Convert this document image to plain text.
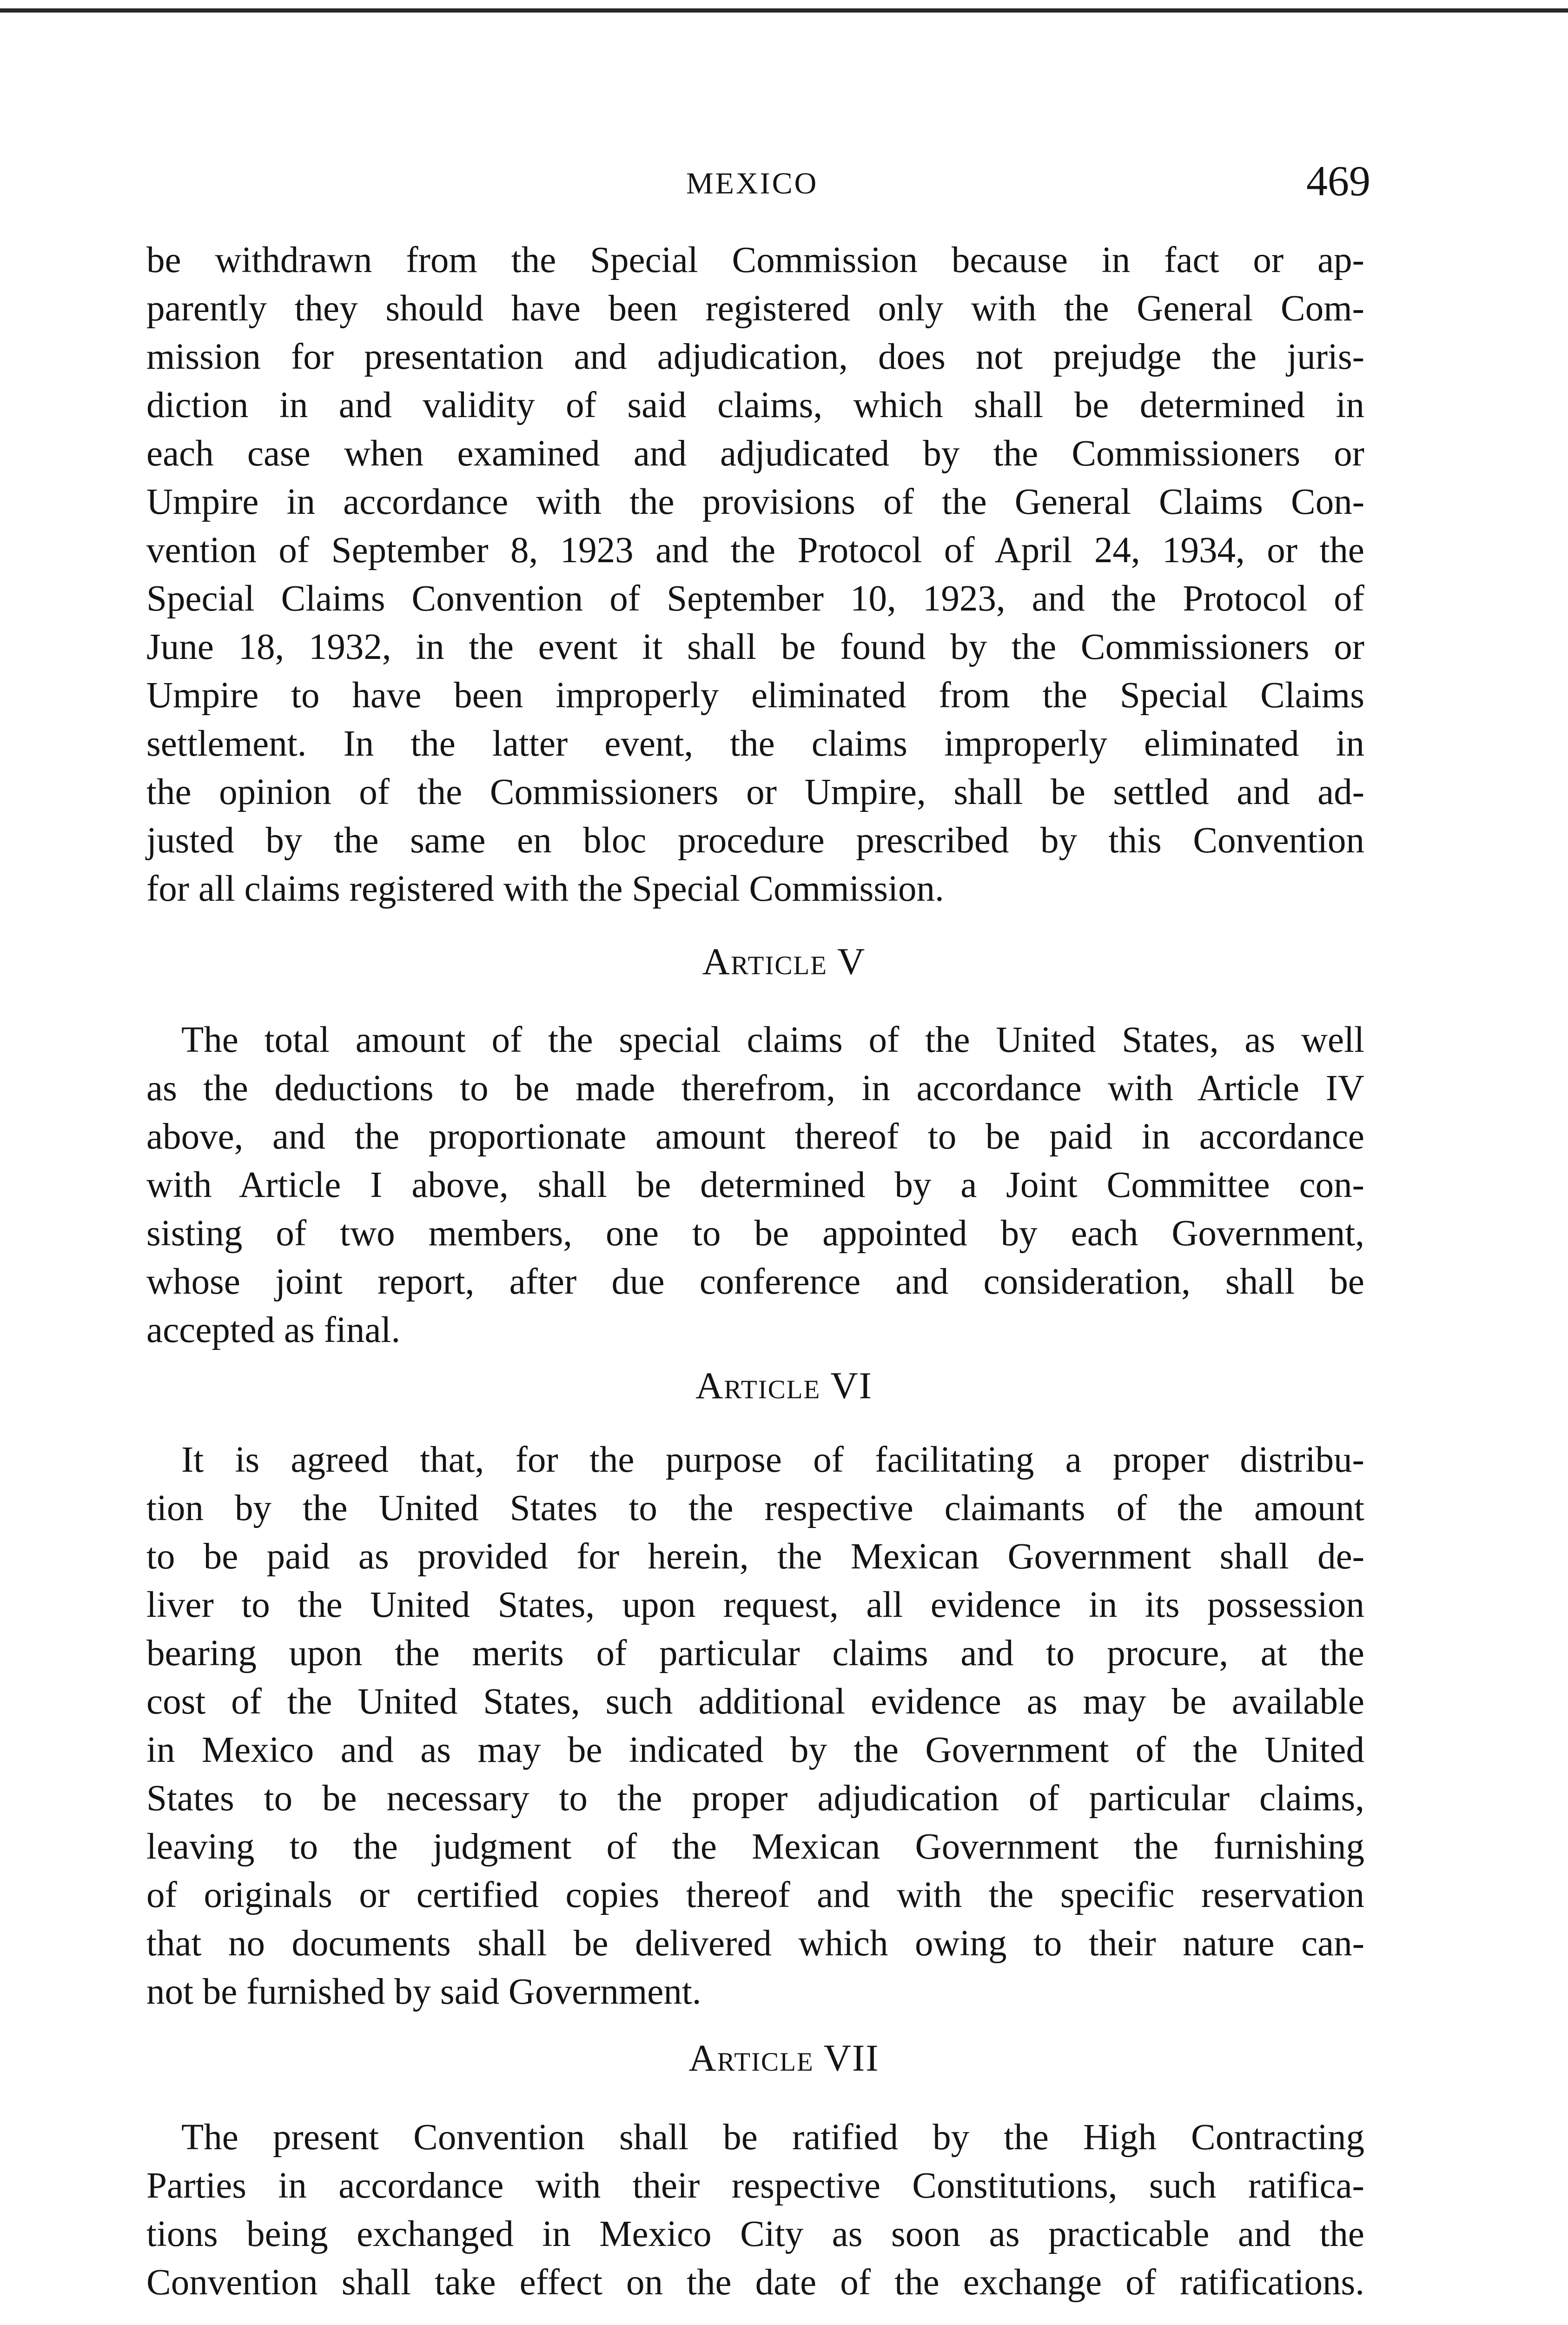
MEXICO	469
be withdrawn from the Special Commission because in fact or ap-
parently they should have been registered only with the General Com-
mission for presentation and adjudication, does not prejudge the juris-
diction in and validity of said claims, which shall be determined in
each case when examined and adjudicated by the Commissioners or
Umpire in accordance with the provisions of the General Claims Con-
vention of September 8, 1923 and the Protocol of April 24, 1934, or the
Special Claims Convention of September 10, 1923, and the Protocol of
June 18, 1932, in the event it shall be found by the Commissioners or
Umpire to have been improperly eliminated from the Special Claims
settlement. In the latter event, the claims improperly eliminated in
the opinion of the Commissioners or Umpire, shall be settled and ad-
justed by the same en bloc procedure prescribed by this Convention
for all claims registered with the Special Commission.
Article V
The total amount of the special claims of the United States, as well
as the deductions to be made therefrom, in accordance with Article IV
above, and the proportionate amount thereof to be paid in accordance
with Article I above, shall be determined by a Joint Committee con-
sisting of two members, one to be appointed by each Government,
whose joint report, after due conference and consideration, shall be
accepted as final.
Article VI
It is agreed that, for the purpose of facilitating a proper distribu-
tion by the United States to the respective claimants of the amount
to be paid as provided for herein, the Mexican Government shall de-
liver to the United States, upon request, all evidence in its possession
bearing upon the merits of particular claims and to procure, at the
cost of the United States, such additional evidence as may be available
in Mexico and as may be indicated by the Government of the United
States to be necessary to the proper adjudication of particular claims,
leaving to the judgment of the Mexican Government the furnishing
of originals or certified copies thereof and with the specific reservation
that no documents shall be delivered which owing to their nature can-
not be furnished by said Government.
Article VII
The present Convention shall be ratified by the High Contracting
Parties in accordance with their respective Constitutions, such ratifica-
tions being exchanged in Mexico City as soon as practicable and the
Convention shall take effect on the date of the exchange of ratifications.
